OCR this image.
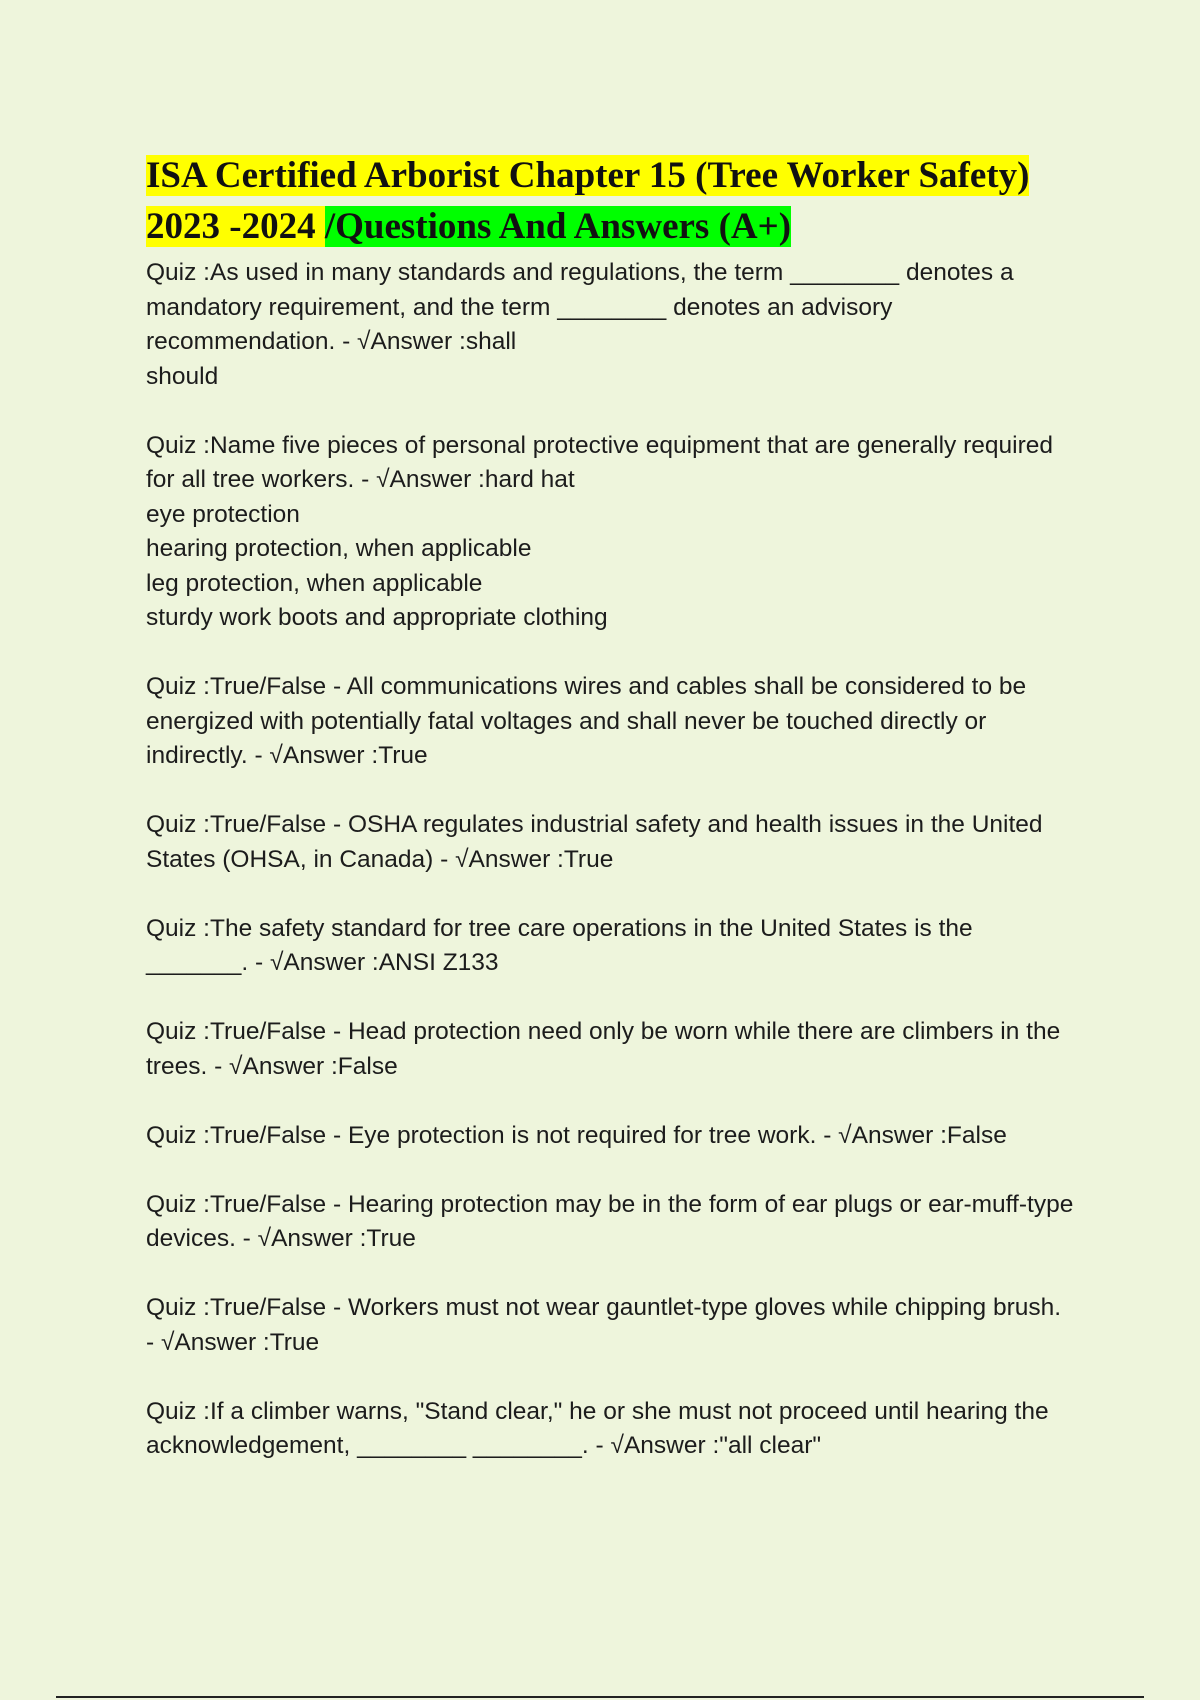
ISA Certified Arborist Chapter 15 (Tree Worker Safety) 2023 -2024 /Questions And Answers (A+)

Quiz :As used in many standards and regulations, the term ________ denotes a mandatory requirement, and the term ________ denotes an advisory recommendation. - √Answer :shall
should

Quiz :Name five pieces of personal protective equipment that are generally required for all tree workers. - √Answer :hard hat
eye protection
hearing protection, when applicable
leg protection, when applicable
sturdy work boots and appropriate clothing

Quiz :True/False - All communications wires and cables shall be considered to be energized with potentially fatal voltages and shall never be touched directly or indirectly. - √Answer :True

Quiz :True/False - OSHA regulates industrial safety and health issues in the United States (OHSA, in Canada) - √Answer :True

Quiz :The safety standard for tree care operations in the United States is the _______. - √Answer :ANSI Z133

Quiz :True/False - Head protection need only be worn while there are climbers in the trees. - √Answer :False

Quiz :True/False - Eye protection is not required for tree work. - √Answer :False

Quiz :True/False - Hearing protection may be in the form of ear plugs or ear-muff-type devices. - √Answer :True

Quiz :True/False - Workers must not wear gauntlet-type gloves while chipping brush. - √Answer :True

Quiz :If a climber warns, "Stand clear," he or she must not proceed until hearing the acknowledgement, ________ ________. - √Answer :"all clear"
